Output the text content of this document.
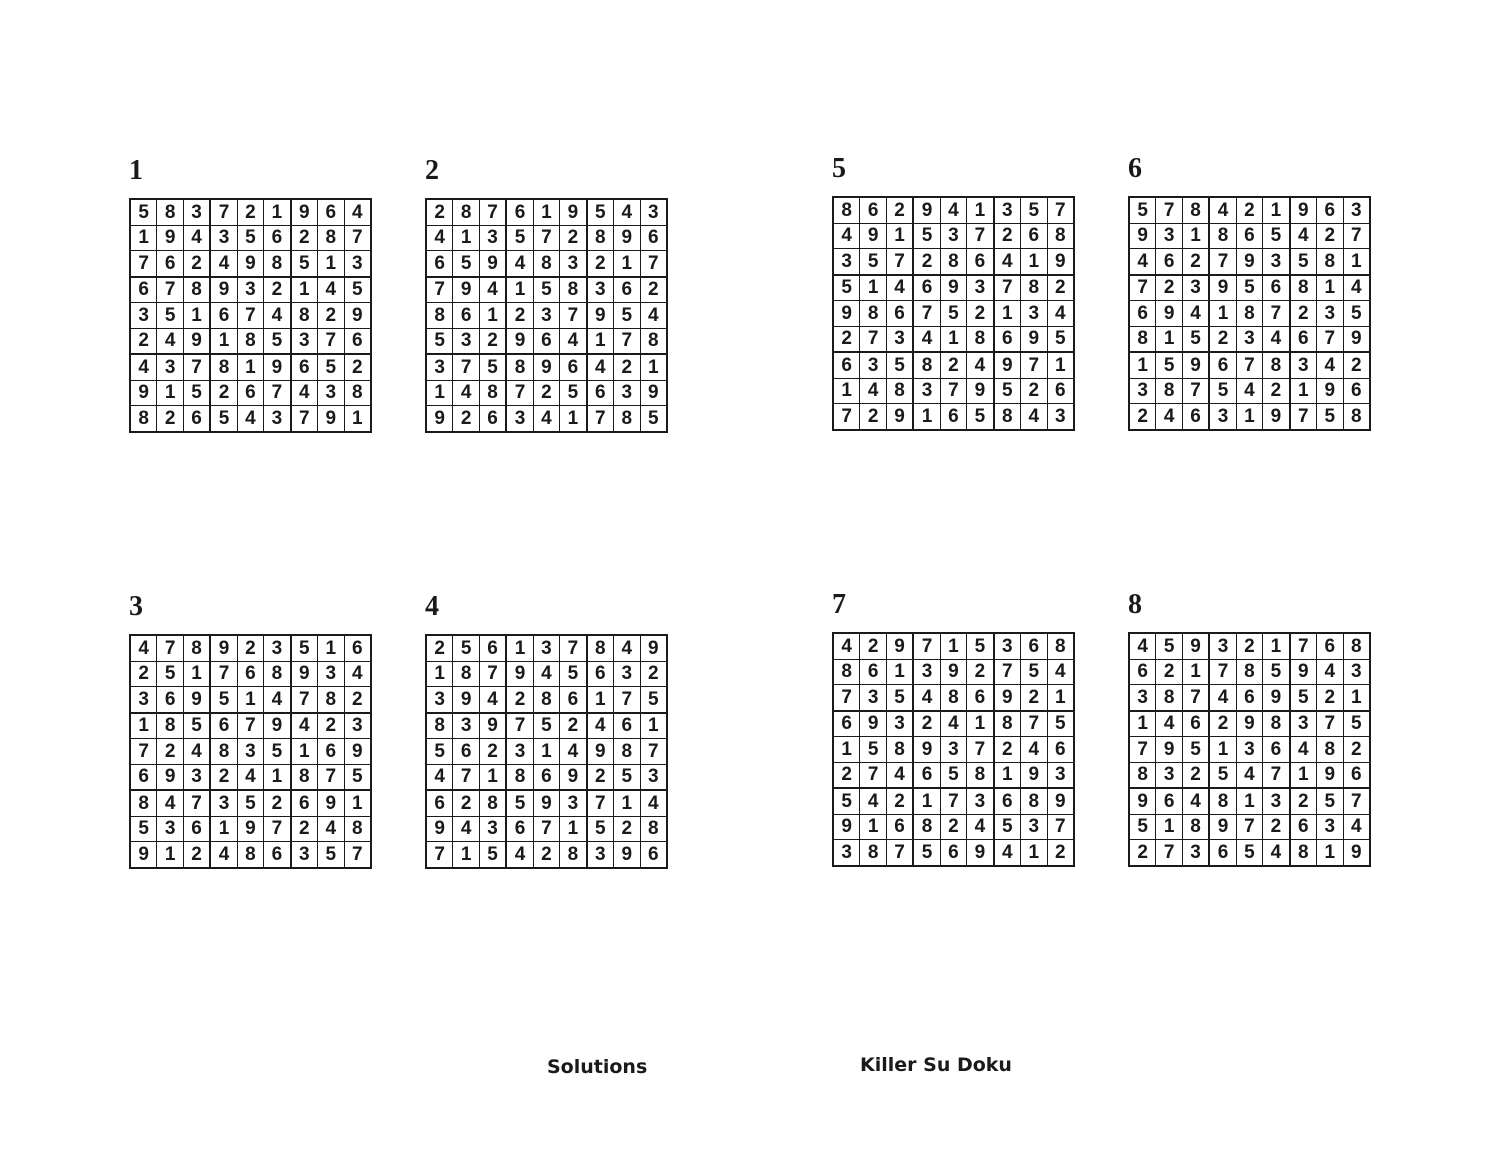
1
5	8	3	7	2	1	9	6	4
1	9	4	3	5	6	2	8	7
7	6	2	4	9	8	5	1	3
6	7	8	9	3	2	1	4	5
3	5	1	6	7	4	8	2	9
2	4	9	1	8	5	3	7	6
4	3	7	8	1	9	6	5	2
9	1	5	2	6	7	4	3	8
8	2	6	5	4	3	7	9	1
2
2	8	7	6	1	9	5	4	3
4	1	3	5	7	2	8	9	6
6	5	9	4	8	3	2	1	7
7	9	4	1	5	8	3	6	2
8	6	1	2	3	7	9	5	4
5	3	2	9	6	4	1	7	8
3	7	5	8	9	6	4	2	1
1	4	8	7	2	5	6	3	9
9	2	6	3	4	1	7	8	5
3
4	7	8	9	2	3	5	1	6
2	5	1	7	6	8	9	3	4
3	6	9	5	1	4	7	8	2
1	8	5	6	7	9	4	2	3
7	2	4	8	3	5	1	6	9
6	9	3	2	4	1	8	7	5
8	4	7	3	5	2	6	9	1
5	3	6	1	9	7	2	4	8
9	1	2	4	8	6	3	5	7
4
2	5	6	1	3	7	8	4	9
1	8	7	9	4	5	6	3	2
3	9	4	2	8	6	1	7	5
8	3	9	7	5	2	4	6	1
5	6	2	3	1	4	9	8	7
4	7	1	8	6	9	2	5	3
6	2	8	5	9	3	7	1	4
9	4	3	6	7	1	5	2	8
7	1	5	4	2	8	3	9	6
5
8	6	2	9	4	1	3	5	7
4	9	1	5	3	7	2	6	8
3	5	7	2	8	6	4	1	9
5	1	4	6	9	3	7	8	2
9	8	6	7	5	2	1	3	4
2	7	3	4	1	8	6	9	5
6	3	5	8	2	4	9	7	1
1	4	8	3	7	9	5	2	6
7	2	9	1	6	5	8	4	3
6
5	7	8	4	2	1	9	6	3
9	3	1	8	6	5	4	2	7
4	6	2	7	9	3	5	8	1
7	2	3	9	5	6	8	1	4
6	9	4	1	8	7	2	3	5
8	1	5	2	3	4	6	7	9
1	5	9	6	7	8	3	4	2
3	8	7	5	4	2	1	9	6
2	4	6	3	1	9	7	5	8
7
4	2	9	7	1	5	3	6	8
8	6	1	3	9	2	7	5	4
7	3	5	4	8	6	9	2	1
6	9	3	2	4	1	8	7	5
1	5	8	9	3	7	2	4	6
2	7	4	6	5	8	1	9	3
5	4	2	1	7	3	6	8	9
9	1	6	8	2	4	5	3	7
3	8	7	5	6	9	4	1	2
8
4	5	9	3	2	1	7	6	8
6	2	1	7	8	5	9	4	3
3	8	7	4	6	9	5	2	1
1	4	6	2	9	8	3	7	5
7	9	5	1	3	6	4	8	2
8	3	2	5	4	7	1	9	6
9	6	4	8	1	3	2	5	7
5	1	8	9	7	2	6	3	4
2	7	3	6	5	4	8	1	9
Solutions	Killer Su Doku
